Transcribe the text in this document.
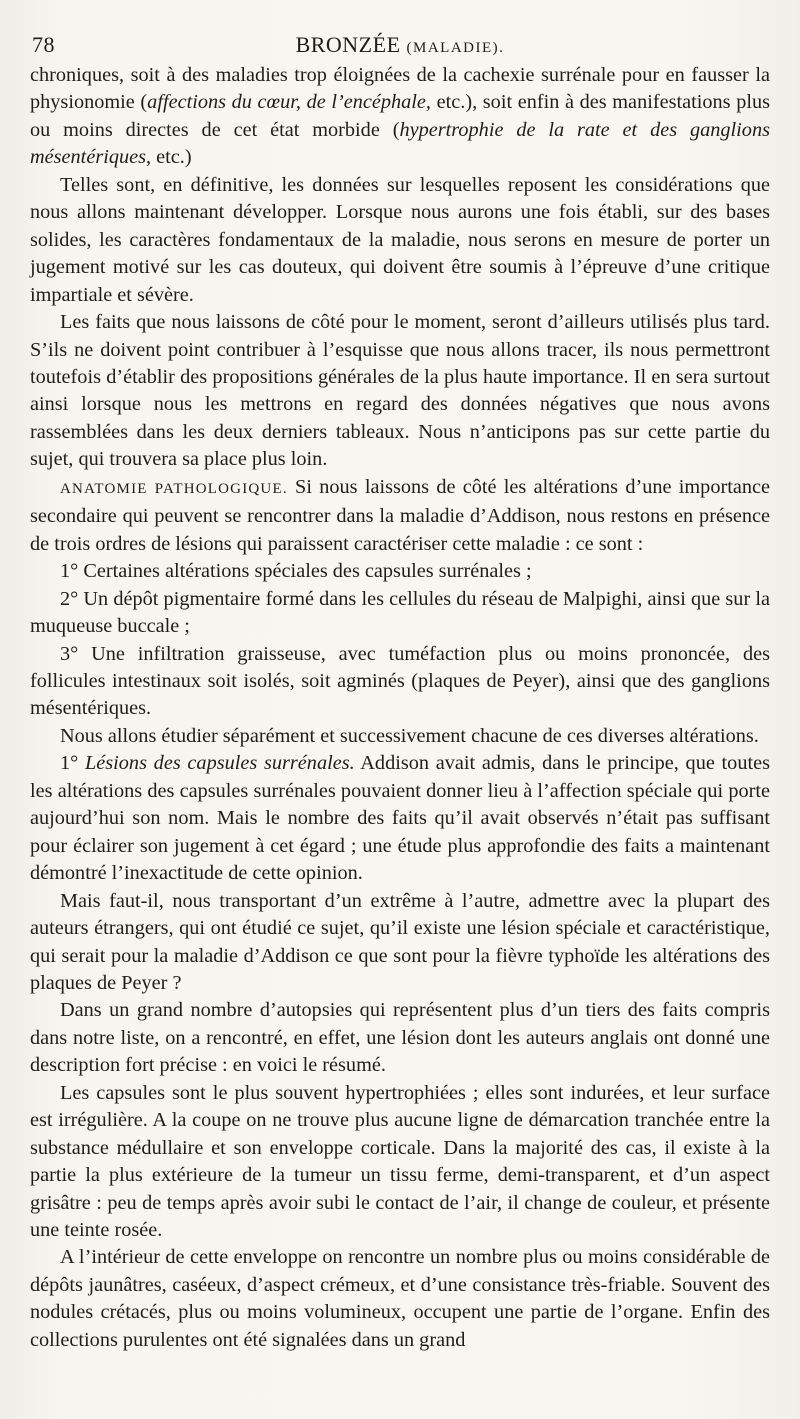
78	BRONZÉE (MALADIE).

chroniques, soit à des maladies trop éloignées de la cachexie surrénale pour en fausser la physionomie (affections du cœur, de l’encéphale, etc.), soit enfin à des manifestations plus ou moins directes de cet état morbide (hypertrophie de la rate et des ganglions mésentériques, etc.)

Telles sont, en définitive, les données sur lesquelles reposent les considérations que nous allons maintenant développer. Lorsque nous aurons une fois établi, sur des bases solides, les caractères fondamentaux de la maladie, nous serons en mesure de porter un jugement motivé sur les cas douteux, qui doivent être soumis à l’épreuve d’une critique impartiale et sévère.

Les faits que nous laissons de côté pour le moment, seront d’ailleurs utilisés plus tard. S’ils ne doivent point contribuer à l’esquisse que nous allons tracer, ils nous permettront toutefois d’établir des propositions générales de la plus haute importance. Il en sera surtout ainsi lorsque nous les mettrons en regard des données négatives que nous avons rassemblées dans les deux derniers tableaux. Nous n’anticipons pas sur cette partie du sujet, qui trouvera sa place plus loin.

ANATOMIE PATHOLOGIQUE. Si nous laissons de côté les altérations d’une importance secondaire qui peuvent se rencontrer dans la maladie d’Addison, nous restons en présence de trois ordres de lésions qui paraissent caractériser cette maladie : ce sont :

1° Certaines altérations spéciales des capsules surrénales ;

2° Un dépôt pigmentaire formé dans les cellules du réseau de Malpighi, ainsi que sur la muqueuse buccale ;

3° Une infiltration graisseuse, avec tuméfaction plus ou moins prononcée, des follicules intestinaux soit isolés, soit agminés (plaques de Peyer), ainsi que des ganglions mésentériques.

Nous allons étudier séparément et successivement chacune de ces diverses altérations.

1° Lésions des capsules surrénales. Addison avait admis, dans le principe, que toutes les altérations des capsules surrénales pouvaient donner lieu à l’affection spéciale qui porte aujourd’hui son nom. Mais le nombre des faits qu’il avait observés n’était pas suffisant pour éclairer son jugement à cet égard ; une étude plus approfondie des faits a maintenant démontré l’inexactitude de cette opinion.

Mais faut-il, nous transportant d’un extrême à l’autre, admettre avec la plupart des auteurs étrangers, qui ont étudié ce sujet, qu’il existe une lésion spéciale et caractéristique, qui serait pour la maladie d’Addison ce que sont pour la fièvre typhoïde les altérations des plaques de Peyer ?

Dans un grand nombre d’autopsies qui représentent plus d’un tiers des faits compris dans notre liste, on a rencontré, en effet, une lésion dont les auteurs anglais ont donné une description fort précise : en voici le résumé.

Les capsules sont le plus souvent hypertrophiées ; elles sont indurées, et leur surface est irrégulière. A la coupe on ne trouve plus aucune ligne de démarcation tranchée entre la substance médullaire et son enveloppe corticale. Dans la majorité des cas, il existe à la partie la plus extérieure de la tumeur un tissu ferme, demi-transparent, et d’un aspect grisâtre : peu de temps après avoir subi le contact de l’air, il change de couleur, et présente une teinte rosée.

A l’intérieur de cette enveloppe on rencontre un nombre plus ou moins considérable de dépôts jaunâtres, caséeux, d’aspect crémeux, et d’une consistance très-friable. Souvent des nodules crétacés, plus ou moins volumineux, occupent une partie de l’organe. Enfin des collections purulentes ont été signalées dans un grand
